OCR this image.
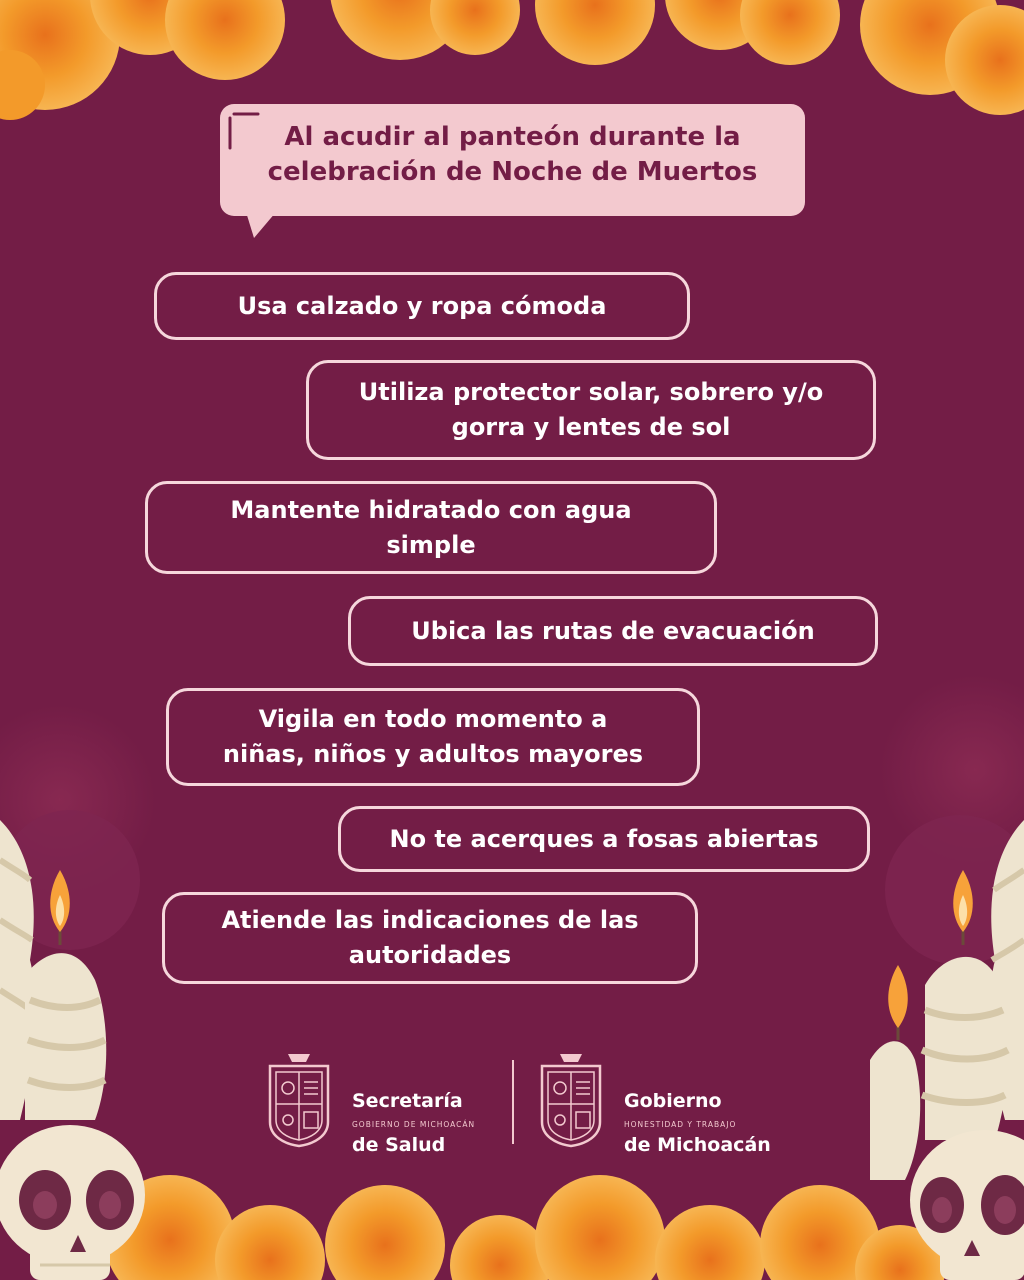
Al acudir al panteón durante la
celebración de Noche de Muertos
Usa calzado y ropa cómoda
Utiliza protector solar, sobrero y/o
gorra y lentes de sol
Mantente hidratado con agua
simple
Ubica las rutas de evacuación
Vigila en todo momento a
niñas, niños y adultos mayores
No te acerques a fosas abiertas
Atiende las indicaciones de las
autoridades

Secretaría

de Salud

GOBIERNO DE MICHOACÁN

Gobierno

de Michoacán

HONESTIDAD Y TRABAJO
